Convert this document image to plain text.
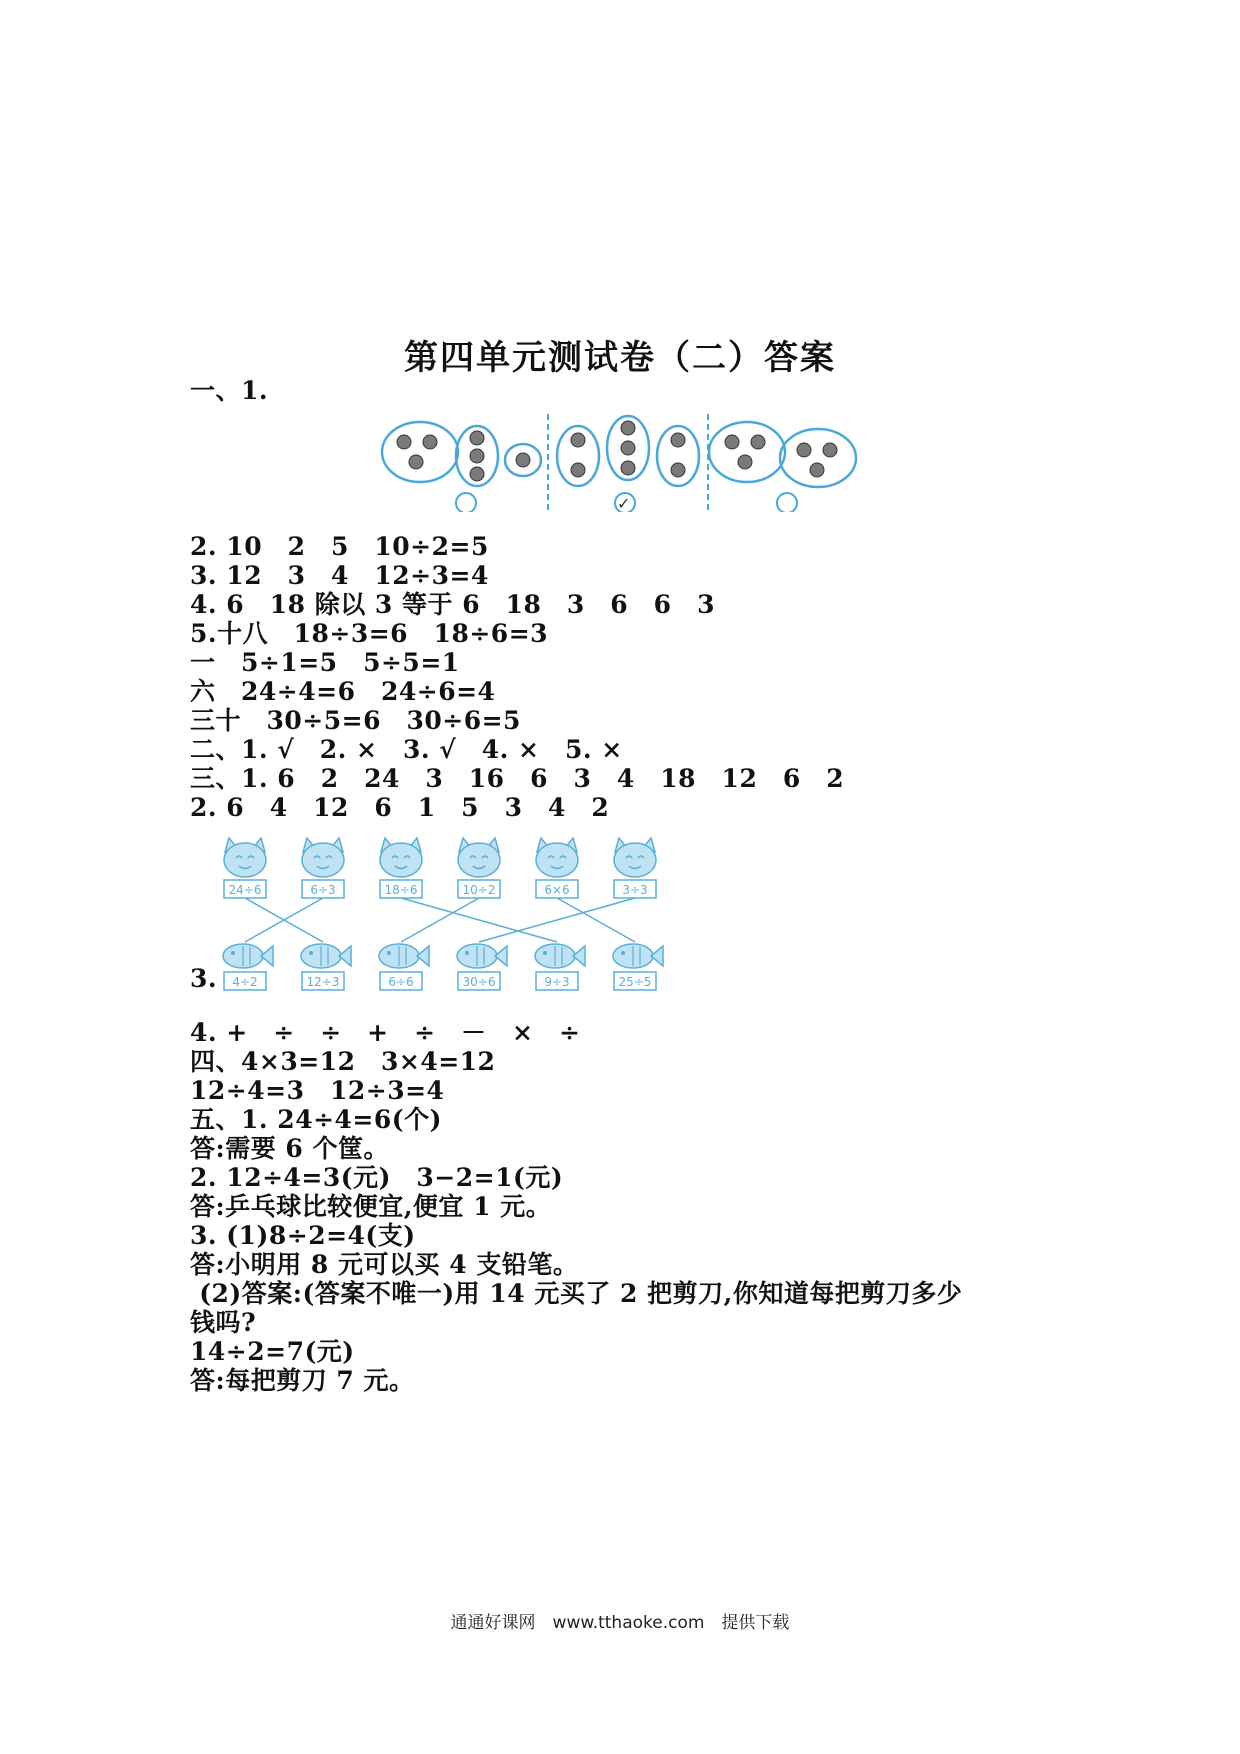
第四单元测试卷（二）答案
一、1.
✓
2. 10　2　5　10÷2=5
3. 12　3　4　12÷3=4
4. 6　18 除以 3 等于 6　18　3　6　6　3
5.十八　18÷3=6　18÷6=3
一　5÷1=5　5÷5=1
六　24÷4=6　24÷6=4
三十　30÷5=6　30÷6=5
二、1. √　2. ×　3. √　4. ×　5. ×
三、1. 6　2　24　3　16　6　3　4　18　12　6　2
2. 6　4　12　6　1　5　3　4　2
24÷6	6÷3	18÷6	10÷2	6×6	3÷3
4÷2	12÷3	6÷6	30÷6	9÷3	25÷5
3.
4. +　÷　÷　+　÷　－　×　÷
四、4×3=12　3×4=12
12÷4=3　12÷3=4
五、1. 24÷4=6(个)
答:需要 6 个筐。
2. 12÷4=3(元)　3−2=1(元)
答:乒乓球比较便宜,便宜 1 元。
3. (1)8÷2=4(支)
答:小明用 8 元可以买 4 支铅笔。
(2)答案:(答案不唯一)用 14 元买了 2 把剪刀,你知道每把剪刀多少
钱吗?
14÷2=7(元)
答:每把剪刀 7 元。
通通好课网　www.tthaoke.com　提供下载
